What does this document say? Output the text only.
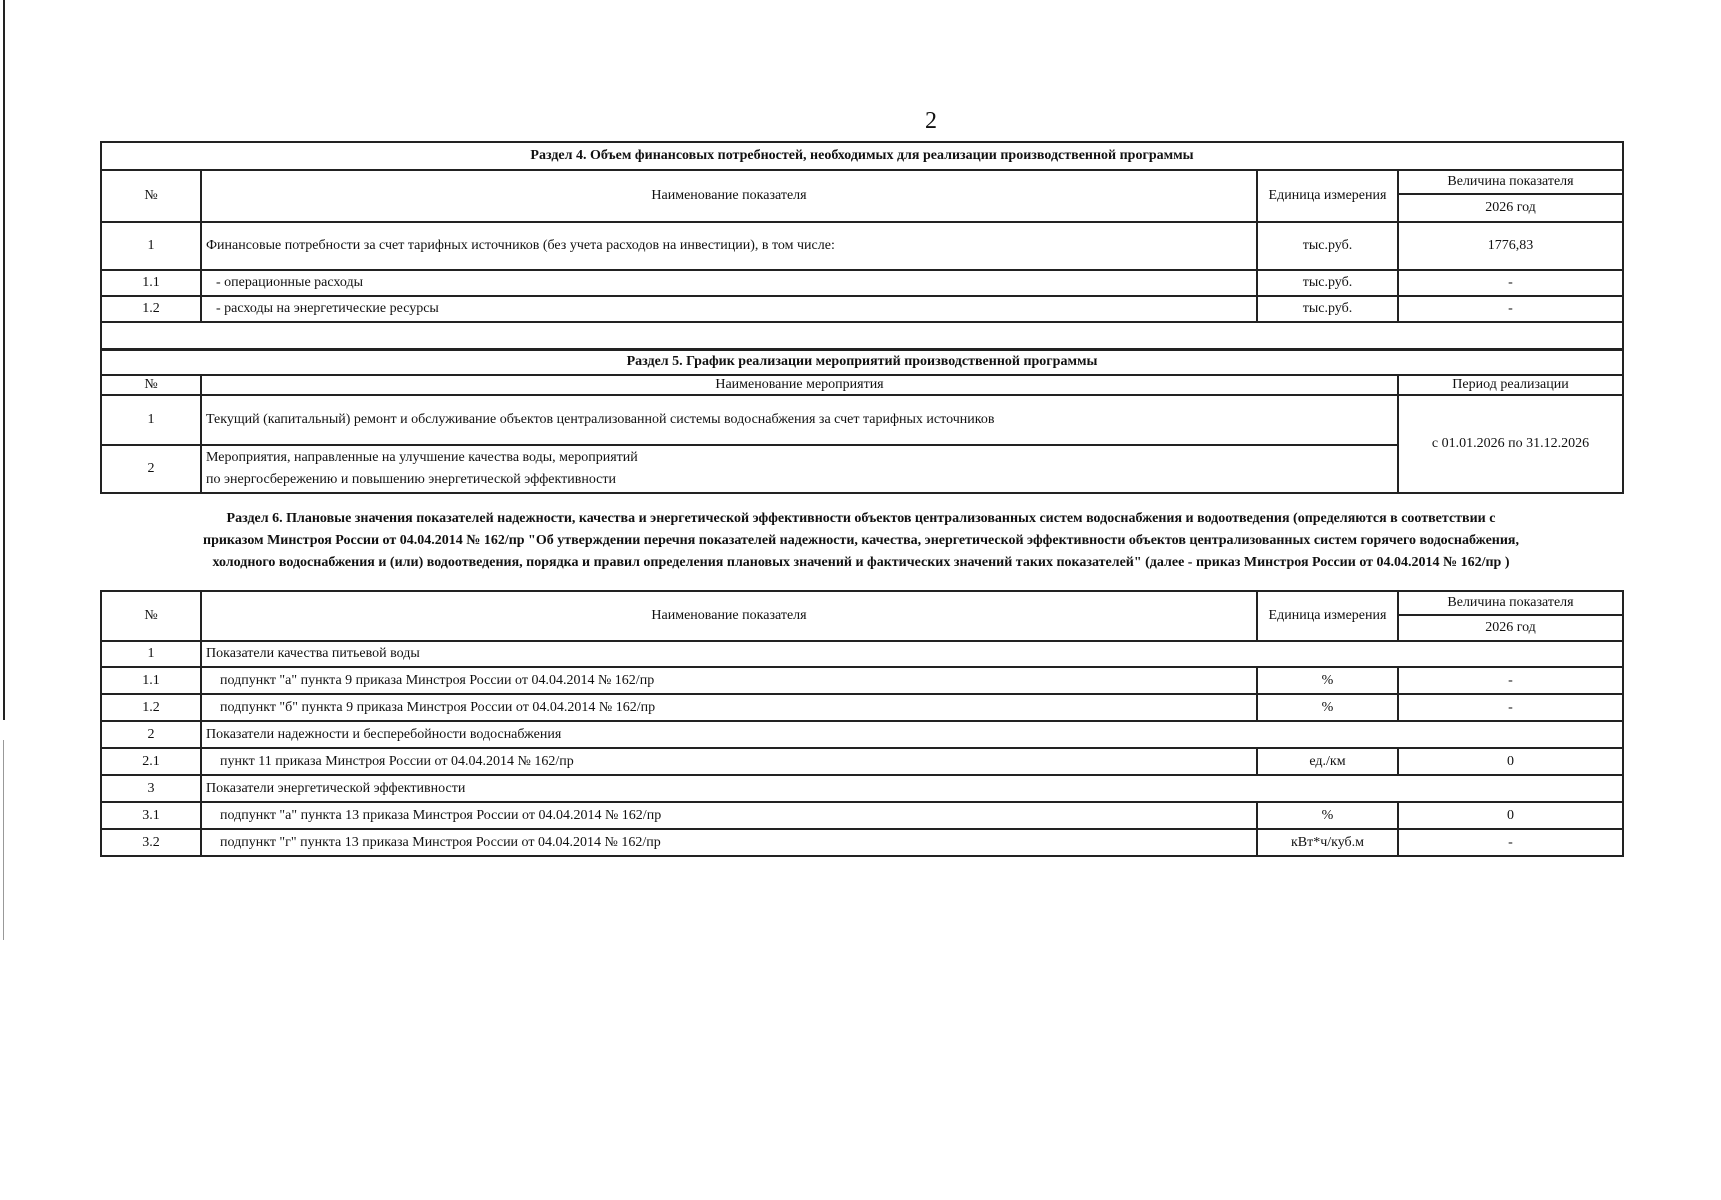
2
Раздел 4. Объем финансовых потребностей, необходимых для реализации производственной программы			
№	Наименование показателя	Единица измерения	Величина показателя
			2026 год
1	Финансовые потребности за счет тарифных источников (без учета расходов на инвестиции), в том числе:	тыс.руб.	1776,83
1.1	- операционные расходы	тыс.руб.	-
1.2	- расходы на энергетические ресурсы	тыс.руб.	-

Раздел 5. График реализации мероприятий производственной программы		
№	Наименование мероприятия	Период реализации
1	Текущий (капитальный) ремонт и обслуживание объектов централизованной системы водоснабжения за счет тарифных источников	с 01.01.2026 по 31.12.2026
2	Мероприятия, направленные на улучшение качества воды, мероприятий
по энергосбережению и повышению энергетической эффективности	
Раздел 6. Плановые значения показателей надежности, качества и энергетической эффективности объектов централизованных систем водоснабжения и водоотведения (определяются в соответствии с
приказом Минстроя России от 04.04.2014 № 162/пр "Об утверждении перечня показателей надежности, качества, энергетической эффективности объектов централизованных систем горячего водоснабжения,
холодного водоснабжения и (или) водоотведения, порядка и правил определения плановых значений и фактических значений таких показателей" (далее - приказ Минстроя России от 04.04.2014 № 162/пр )
№	Наименование показателя	Единица измерения	Величина показателя
			2026 год
1	Показатели качества питьевой воды		
1.1	подпункт "а" пункта 9 приказа Минстроя России от 04.04.2014 № 162/пр	%	-
1.2	подпункт "б" пункта 9 приказа Минстроя России от 04.04.2014 № 162/пр	%	-
2	Показатели надежности и бесперебойности водоснабжения		
2.1	пункт 11 приказа Минстроя России от 04.04.2014 № 162/пр	ед./км	0
3	Показатели энергетической эффективности		
3.1	подпункт "а" пункта 13 приказа Минстроя России от 04.04.2014 № 162/пр	%	0
3.2	подпункт "г" пункта 13 приказа Минстроя России от 04.04.2014 № 162/пр	кВт*ч/куб.м	-
